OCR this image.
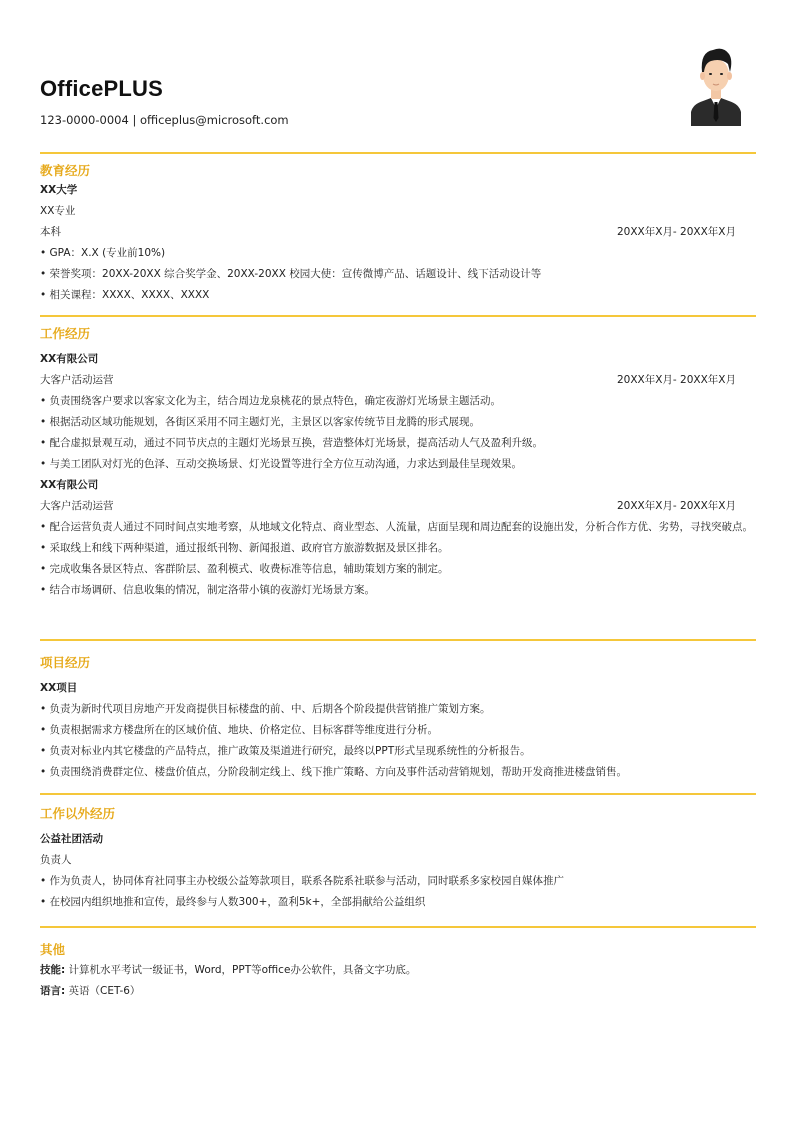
OfficePLUS
123-0000-0004 | officeplus@microsoft.com
教育经历
XX大学
XX专业
本科	20XX年X月- 20XX年X月
• GPA：X.X (专业前10%)
• 荣誉奖项：20XX-20XX 综合奖学金、20XX-20XX 校园大使：宣传微博产品、话题设计、线下活动设计等
• 相关课程：XXXX、XXXX、XXXX
工作经历
XX有限公司
大客户活动运营	20XX年X月- 20XX年X月
• 负责围绕客户要求以客家文化为主，结合周边龙泉桃花的景点特色，确定夜游灯光场景主题活动。
• 根据活动区域功能规划，各街区采用不同主题灯光，主景区以客家传统节目龙腾的形式展现。
• 配合虚拟景观互动，通过不同节庆点的主题灯光场景互换，营造整体灯光场景，提高活动人气及盈利升级。
• 与美工团队对灯光的色泽、互动交换场景、灯光设置等进行全方位互动沟通，力求达到最佳呈现效果。
XX有限公司
大客户活动运营	20XX年X月- 20XX年X月
• 配合运营负责人通过不同时间点实地考察，从地域文化特点、商业型态、人流量，店面呈现和周边配套的设施出发，分析合作方优、劣势，寻找突破点。
• 采取线上和线下两种渠道，通过报纸刊物、新闻报道、政府官方旅游数据及景区排名。
• 完成收集各景区特点、客群阶层、盈利模式、收费标准等信息，辅助策划方案的制定。
• 结合市场调研、信息收集的情况，制定洛带小镇的夜游灯光场景方案。
项目经历
XX项目
• 负责为新时代项目房地产开发商提供目标楼盘的前、中、后期各个阶段提供营销推广策划方案。
• 负责根据需求方楼盘所在的区域价值、地块、价格定位、目标客群等维度进行分析。
• 负责对标业内其它楼盘的产品特点，推广政策及渠道进行研究，最终以PPT形式呈现系统性的分析报告。
• 负责围绕消费群定位、楼盘价值点，分阶段制定线上、线下推广策略、方向及事件活动营销规划，帮助开发商推进楼盘销售。
工作以外经历
公益社团活动
负责人
• 作为负责人，协同体育社同事主办校级公益筹款项目，联系各院系社联参与活动，同时联系多家校园自媒体推广
• 在校园内组织地推和宣传，最终参与人数300+，盈利5k+，全部捐献给公益组织
其他
技能: 计算机水平考试一级证书，Word，PPT等office办公软件，具备文字功底。
语言: 英语（CET-6）
